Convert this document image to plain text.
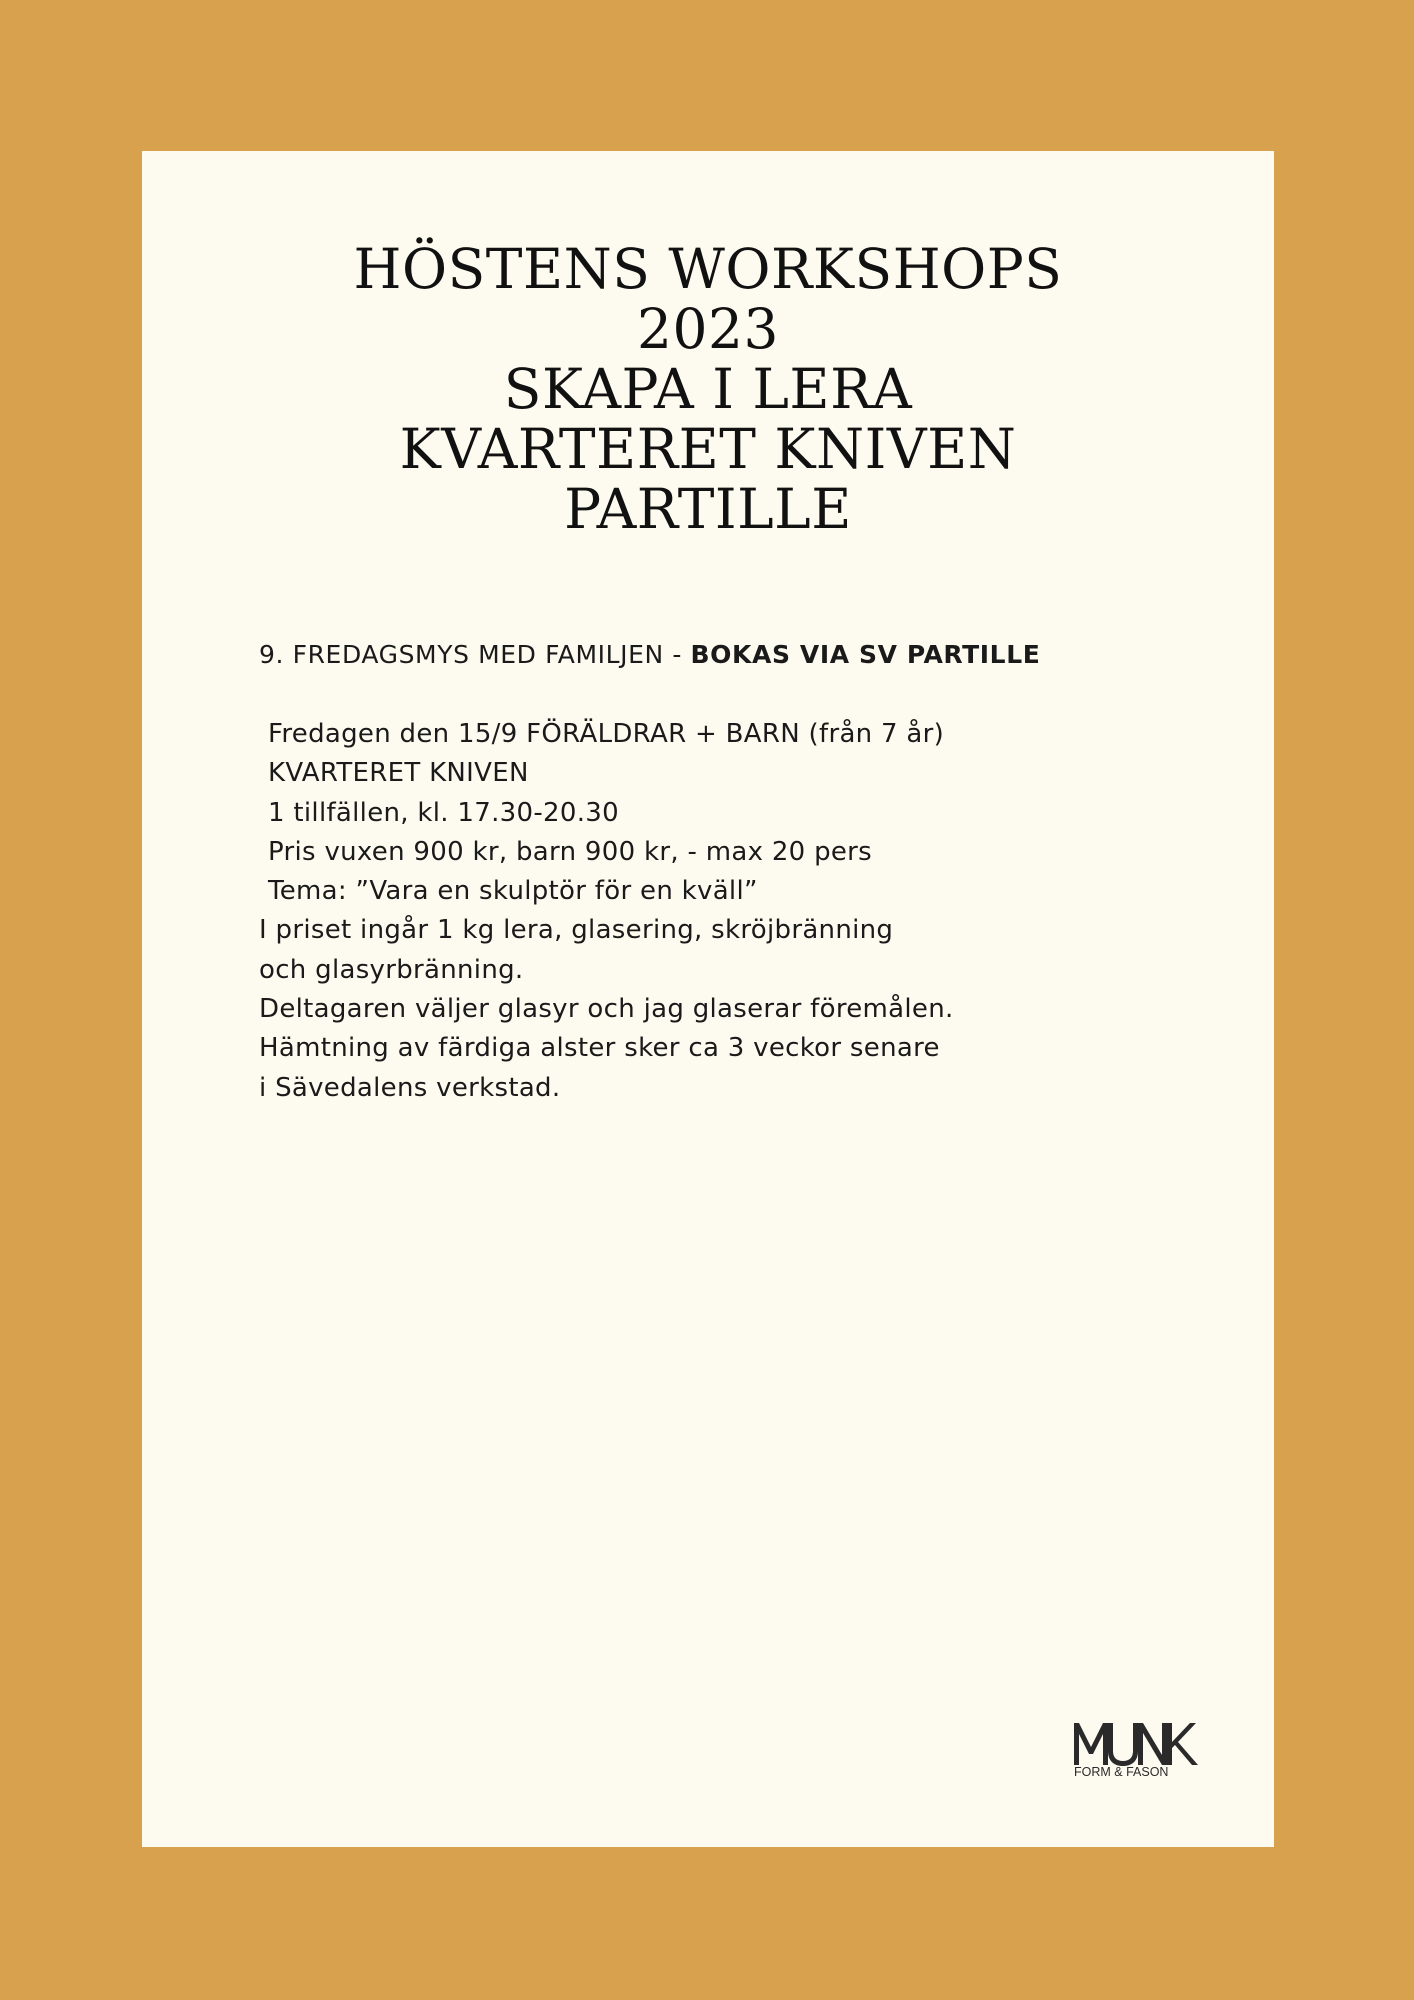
HÖSTENS WORKSHOPS
2023
SKAPA I LERA
KVARTERET KNIVEN
PARTILLE
9. FREDAGSMYS MED FAMILJEN - BOKAS VIA SV PARTILLE
Fredagen den 15/9 FÖRÄLDRAR + BARN (från 7 år)
KVARTERET KNIVEN
1 tillfällen, kl. 17.30-20.30
Pris vuxen 900 kr, barn 900 kr, - max 20 pers
Tema: ”Vara en skulptör för en kväll”
I priset ingår 1 kg lera, glasering, skröjbränning
och glasyrbränning.
Deltagaren väljer glasyr och jag glaserar föremålen.
Hämtning av färdiga alster sker ca 3 veckor senare
i Sävedalens verkstad.
FORM & FASON
